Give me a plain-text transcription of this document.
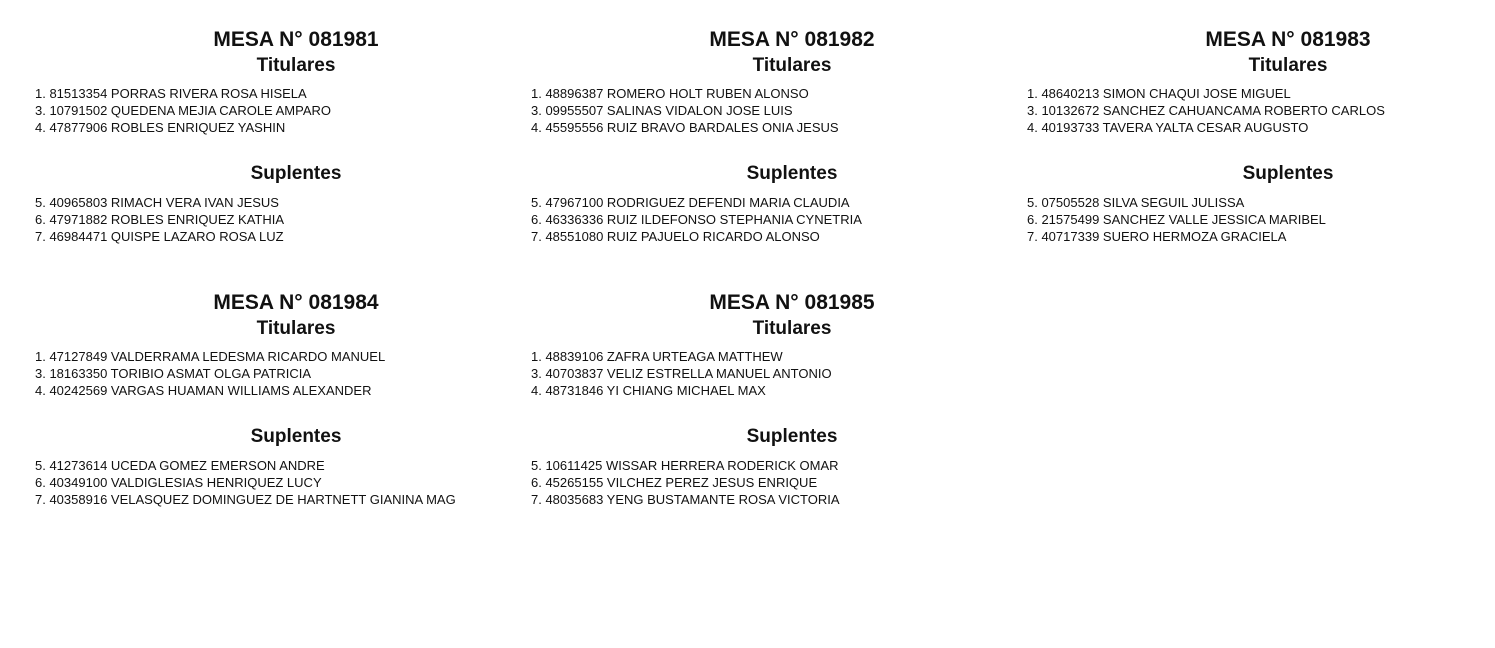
MESA N° 081981
Titulares
1. 81513354 PORRAS RIVERA ROSA HISELA
3. 10791502 QUEDENA MEJIA CAROLE AMPARO
4. 47877906 ROBLES ENRIQUEZ YASHIN
Suplentes
5. 40965803 RIMACH VERA IVAN JESUS
6. 47971882 ROBLES ENRIQUEZ KATHIA
7. 46984471 QUISPE LAZARO ROSA LUZ
MESA N° 081982
Titulares
1. 48896387 ROMERO HOLT RUBEN ALONSO
3. 09955507 SALINAS VIDALON JOSE LUIS
4. 45595556 RUIZ BRAVO BARDALES ONIA JESUS
Suplentes
5. 47967100 RODRIGUEZ DEFENDI MARIA CLAUDIA
6. 46336336 RUIZ ILDEFONSO STEPHANIA CYNETRIA
7. 48551080 RUIZ PAJUELO RICARDO ALONSO
MESA N° 081983
Titulares
1. 48640213 SIMON CHAQUI JOSE MIGUEL
3. 10132672 SANCHEZ CAHUANCAMA ROBERTO CARLOS
4. 40193733 TAVERA YALTA CESAR AUGUSTO
Suplentes
5. 07505528 SILVA SEGUIL JULISSA
6. 21575499 SANCHEZ VALLE JESSICA MARIBEL
7. 40717339 SUERO HERMOZA GRACIELA
MESA N° 081984
Titulares
1. 47127849 VALDERRAMA LEDESMA RICARDO MANUEL
3. 18163350 TORIBIO ASMAT OLGA PATRICIA
4. 40242569 VARGAS HUAMAN WILLIAMS ALEXANDER
Suplentes
5. 41273614 UCEDA GOMEZ EMERSON ANDRE
6. 40349100 VALDIGLESIAS HENRIQUEZ LUCY
7. 40358916 VELASQUEZ DOMINGUEZ DE HARTNETT GIANINA MAG
MESA N° 081985
Titulares
1. 48839106 ZAFRA URTEAGA MATTHEW
3. 40703837 VELIZ ESTRELLA MANUEL ANTONIO
4. 48731846 YI CHIANG MICHAEL MAX
Suplentes
5. 10611425 WISSAR HERRERA RODERICK OMAR
6. 45265155 VILCHEZ PEREZ JESUS ENRIQUE
7. 48035683 YENG BUSTAMANTE ROSA VICTORIA
